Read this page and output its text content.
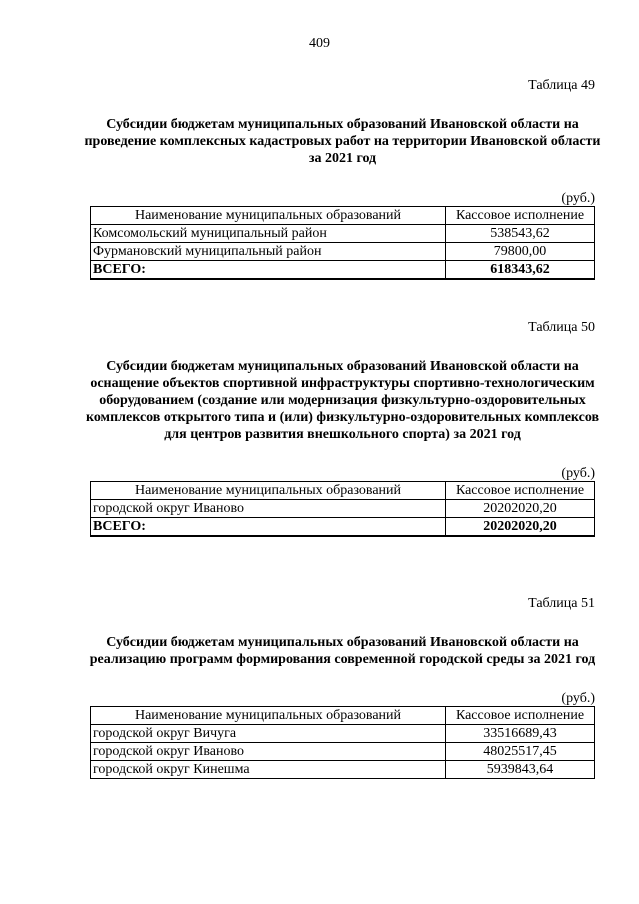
409
Таблица 49
Субсидии бюджетам муниципальных образований Ивановской области на проведение комплексных кадастровых работ на территории Ивановской области за 2021 год
(руб.)
Наименование муниципальных образований	Кассовое исполнение
Комсомольский муниципальный район	538543,62
Фурмановский муниципальный район	79800,00
ВСЕГО:	618343,62
Таблица 50
Субсидии бюджетам муниципальных образований Ивановской области на оснащение объектов спортивной инфраструктуры спортивно-технологическим оборудованием (создание или модернизация физкультурно-оздоровительных комплексов открытого типа и (или) физкультурно-оздоровительных комплексов для центров развития внешкольного спорта) за 2021 год
(руб.)
Наименование муниципальных образований	Кассовое исполнение
городской округ Иваново	20202020,20
ВСЕГО:	20202020,20
Таблица 51
Субсидии бюджетам муниципальных образований Ивановской области на реализацию программ формирования современной городской среды за 2021 год
(руб.)
Наименование муниципальных образований	Кассовое исполнение
городской округ Вичуга	33516689,43
городской округ Иваново	48025517,45
городской округ Кинешма	5939843,64
